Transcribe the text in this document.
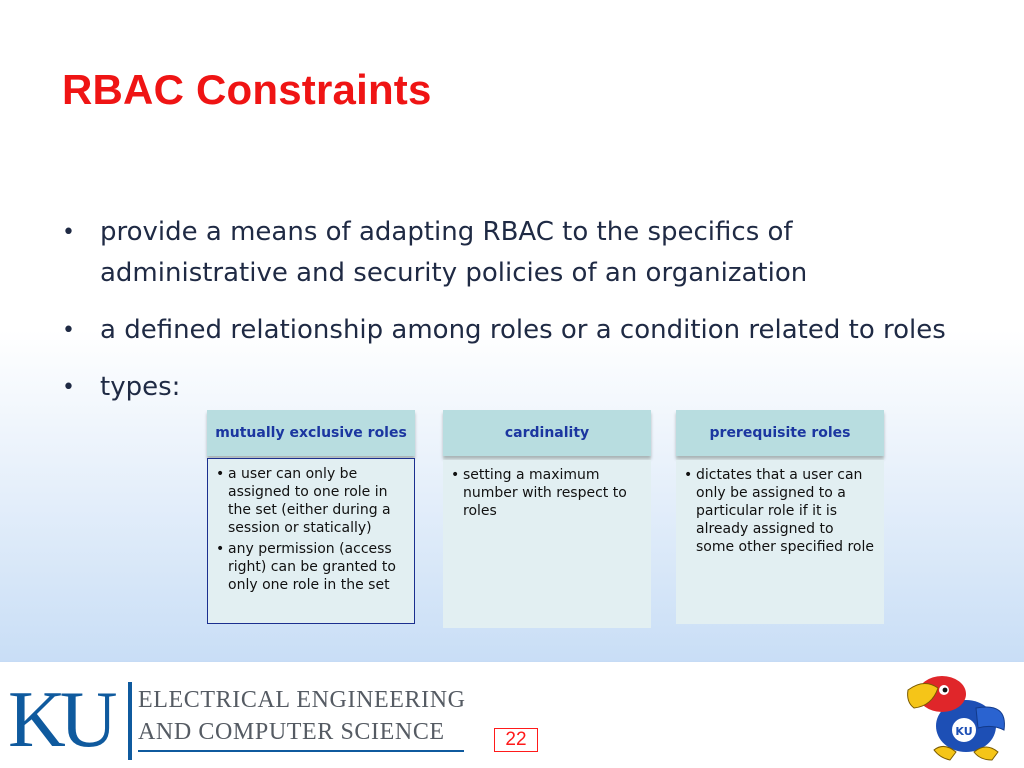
RBAC Constraints
• provide a means of adapting RBAC to the specifics of administrative and security policies of an organization
• a defined relationship among roles or a condition related to roles
• types:
mutually exclusive roles
• a user can only be assigned to one role in the set (either during a session or statically)
• any permission (access right) can be granted to only one role in the set
cardinality
• setting a maximum number with respect to roles
prerequisite roles
• dictates that a user can only be assigned to a particular role if it is already assigned to some other specified role
KU ELECTRICAL ENGINEERING
AND COMPUTER SCIENCE	22	KU
